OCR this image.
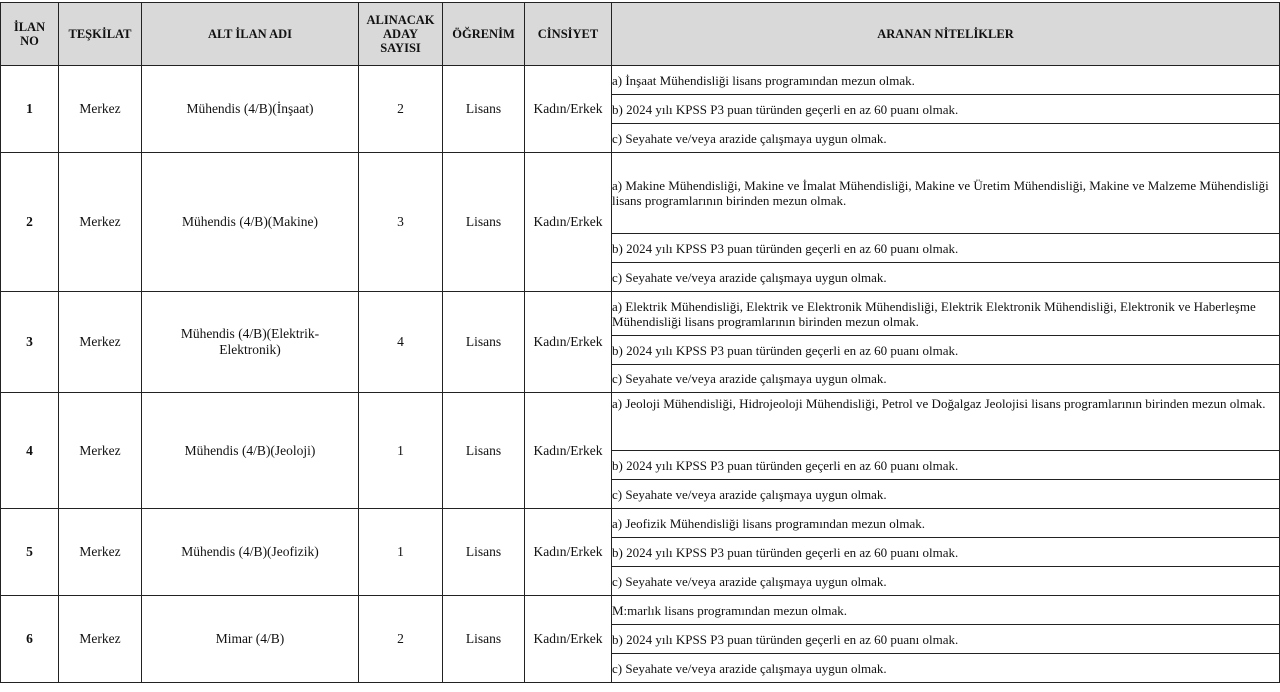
İLAN
NO	TEŞKİLAT	ALT İLAN ADI	ALINACAK
ADAY
SAYISI	ÖĞRENİM	CİNSİYET	ARANAN NİTELİKLER
1	Merkez	Mühendis (4/B)(İnşaat)	2	Lisans	Kadın/Erkek	a) İnşaat Mühendisliği lisans programından mezun olmak.
						b) 2024 yılı KPSS P3 puan türünden geçerli en az 60 puanı olmak.
						c) Seyahate ve/veya arazide çalışmaya uygun olmak.
2	Merkez	Mühendis (4/B)(Makine)	3	Lisans	Kadın/Erkek	a) Makine Mühendisliği, Makine ve İmalat Mühendisliği, Makine ve Üretim Mühendisliği, Makine ve Malzeme Mühendisliği lisans programlarının birinden mezun olmak.
						b) 2024 yılı KPSS P3 puan türünden geçerli en az 60 puanı olmak.
						c) Seyahate ve/veya arazide çalışmaya uygun olmak.
3	Merkez	Mühendis (4/B)(Elektrik-Elektronik)	4	Lisans	Kadın/Erkek	a) Elektrik Mühendisliği, Elektrik ve Elektronik Mühendisliği, Elektrik Elektronik Mühendisliği, Elektronik ve Haberleşme Mühendisliği lisans programlarının birinden mezun olmak.
						b) 2024 yılı KPSS P3 puan türünden geçerli en az 60 puanı olmak.
						c) Seyahate ve/veya arazide çalışmaya uygun olmak.
4	Merkez	Mühendis (4/B)(Jeoloji)	1	Lisans	Kadın/Erkek	a) Jeoloji Mühendisliği, Hidrojeoloji Mühendisliği, Petrol ve Doğalgaz Jeolojisi lisans programlarının birinden mezun olmak.
						b) 2024 yılı KPSS P3 puan türünden geçerli en az 60 puanı olmak.
						c) Seyahate ve/veya arazide çalışmaya uygun olmak.
5	Merkez	Mühendis (4/B)(Jeofizik)	1	Lisans	Kadın/Erkek	a) Jeofizik Mühendisliği lisans programından mezun olmak.
						b) 2024 yılı KPSS P3 puan türünden geçerli en az 60 puanı olmak.
						c) Seyahate ve/veya arazide çalışmaya uygun olmak.
6	Merkez	Mimar (4/B)	2	Lisans	Kadın/Erkek	M:marlık lisans programından mezun olmak.
						b) 2024 yılı KPSS P3 puan türünden geçerli en az 60 puanı olmak.
						c) Seyahate ve/veya arazide çalışmaya uygun olmak.
